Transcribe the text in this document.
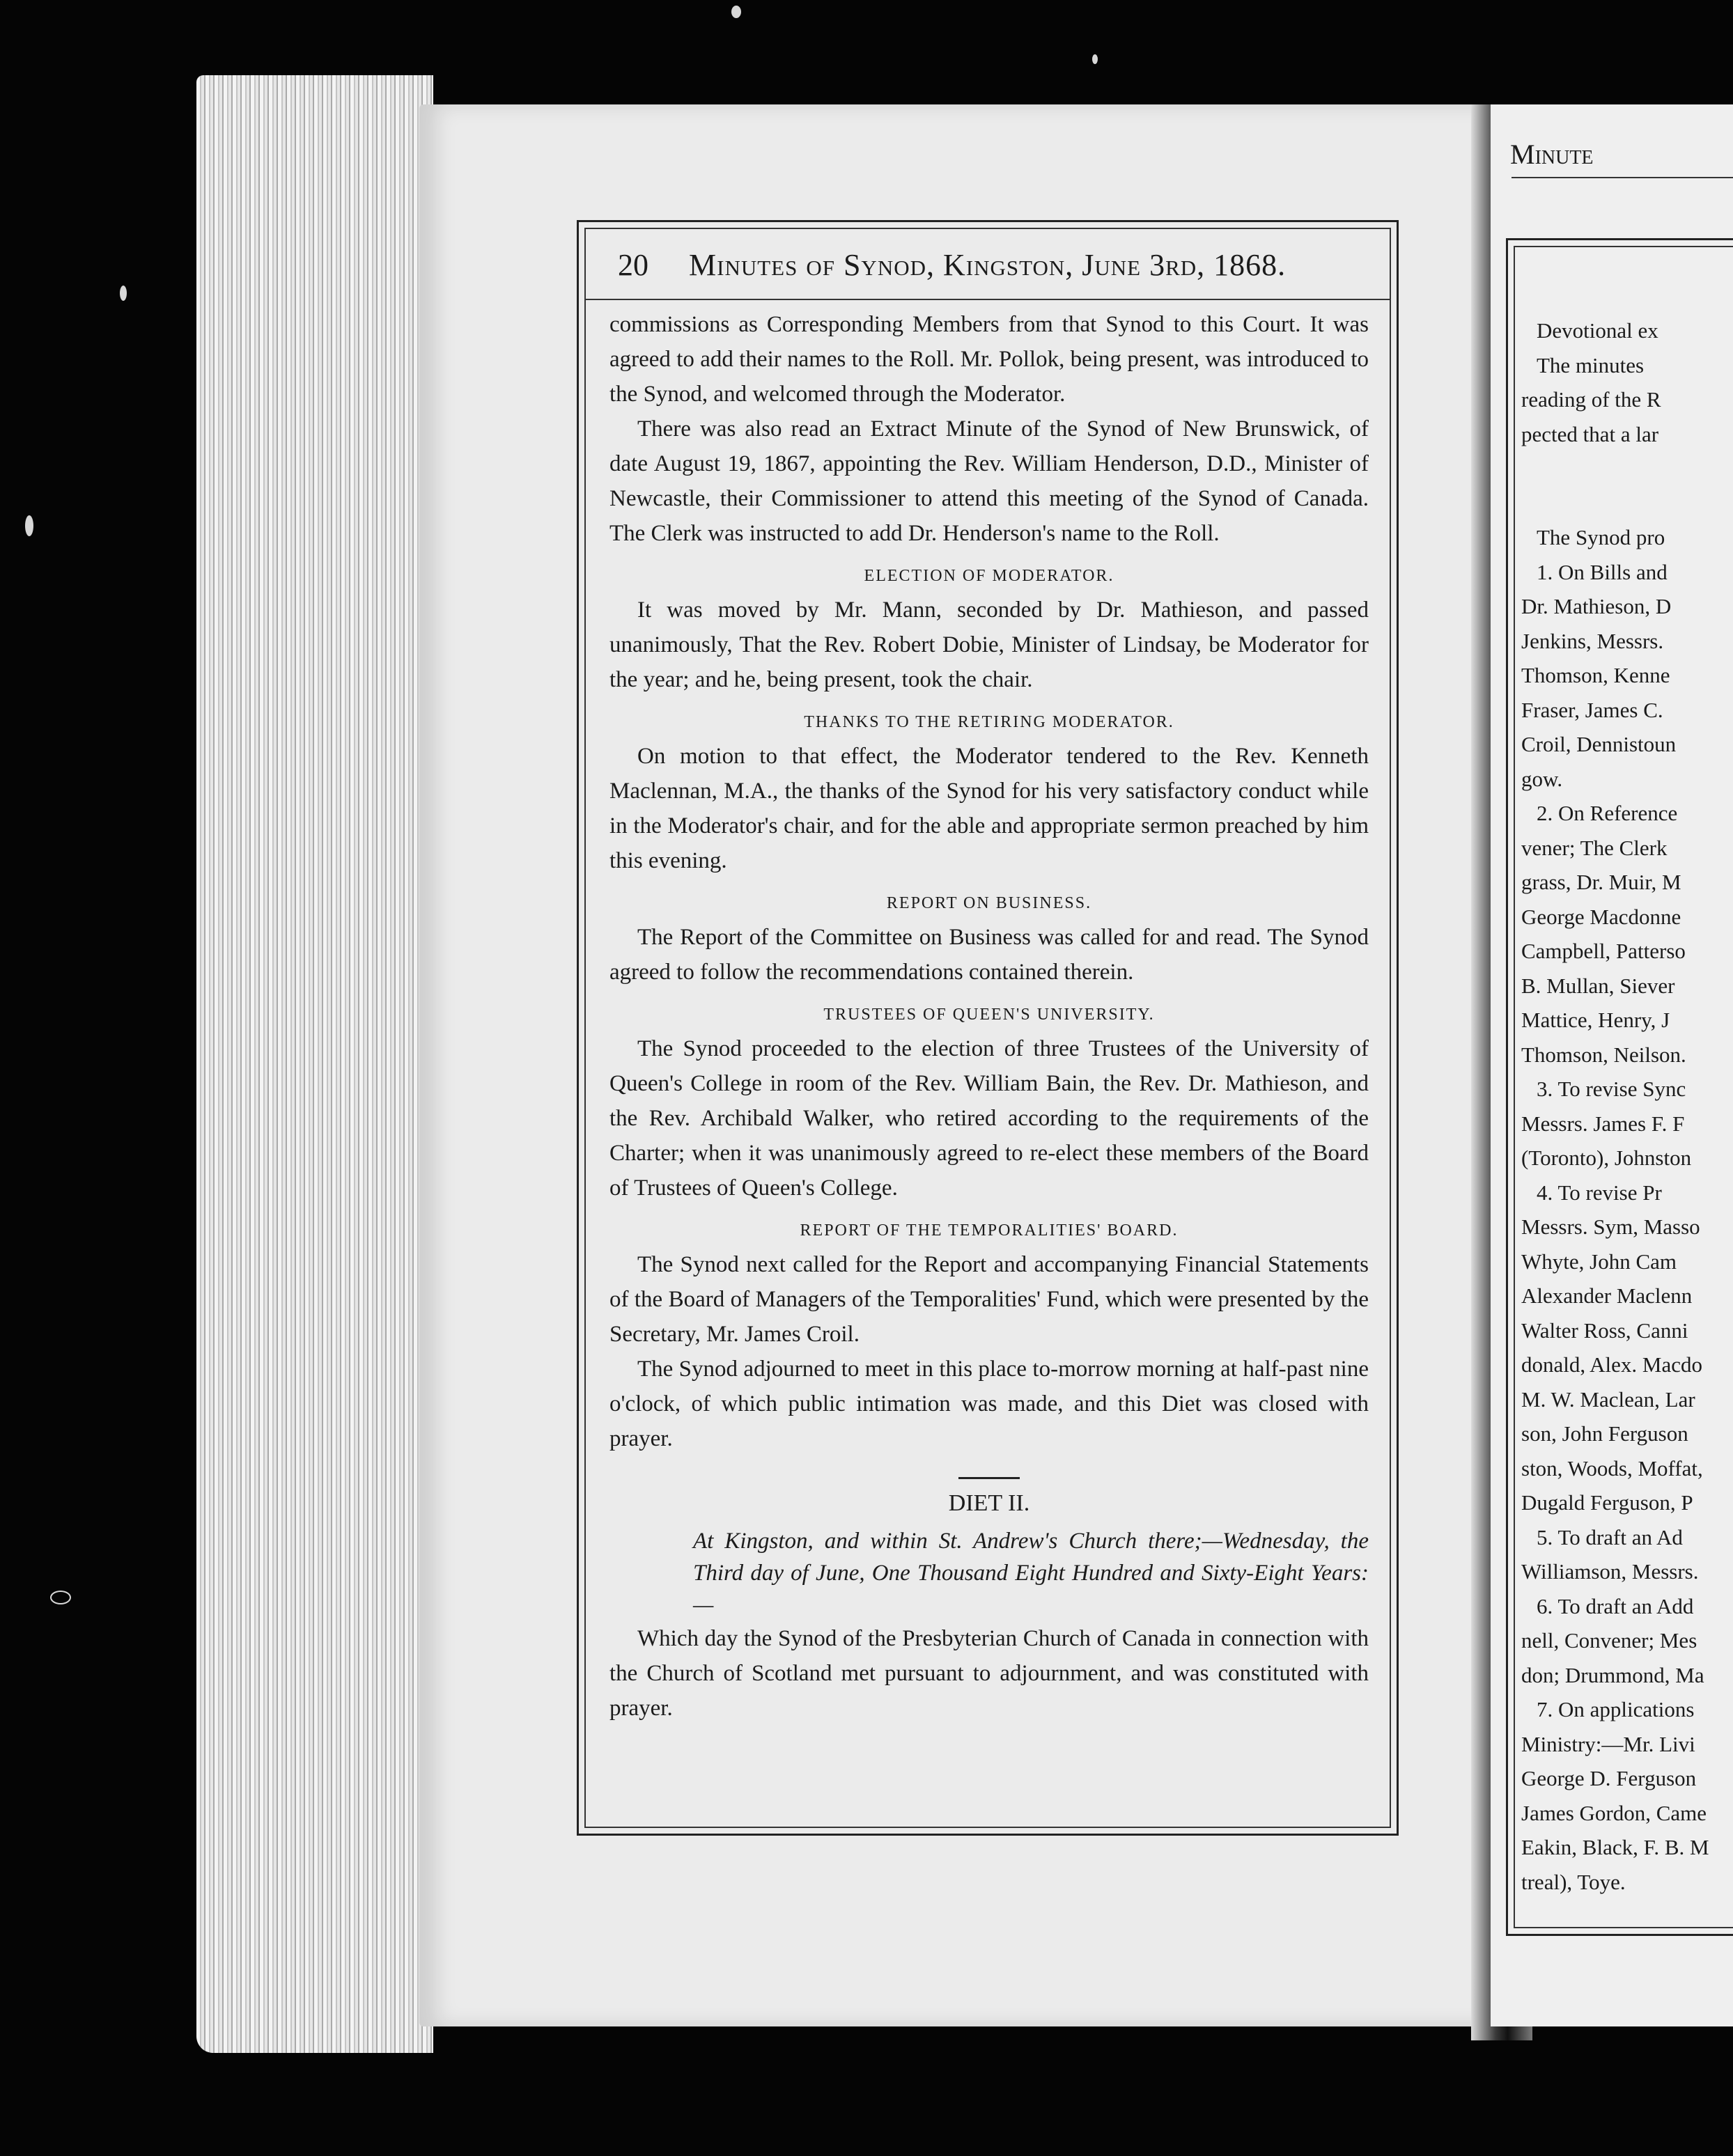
20 Minutes of Synod, Kingston, June 3rd, 1868.

commissions as Corresponding Members from that Synod to this Court. It was agreed to add their names to the Roll. Mr. Pollok, being present, was introduced to the Synod, and welcomed through the Moderator.

There was also read an Extract Minute of the Synod of New Brunswick, of date August 19, 1867, appointing the Rev. William Henderson, D.D., Minister of Newcastle, their Commissioner to attend this meeting of the Synod of Canada. The Clerk was instructed to add Dr. Henderson's name to the Roll.

ELECTION OF MODERATOR.

It was moved by Mr. Mann, seconded by Dr. Mathieson, and passed unanimously, That the Rev. Robert Dobie, Minister of Lindsay, be Moderator for the year; and he, being present, took the chair.

THANKS TO THE RETIRING MODERATOR.

On motion to that effect, the Moderator tendered to the Rev. Kenneth Maclennan, M.A., the thanks of the Synod for his very satisfactory conduct while in the Moderator's chair, and for the able and appropriate sermon preached by him this evening.

REPORT ON BUSINESS.

The Report of the Committee on Business was called for and read. The Synod agreed to follow the recommendations contained therein.

TRUSTEES OF QUEEN'S UNIVERSITY.

The Synod proceeded to the election of three Trustees of the University of Queen's College in room of the Rev. William Bain, the Rev. Dr. Mathieson, and the Rev. Archibald Walker, who retired according to the requirements of the Charter; when it was unanimously agreed to re-elect these members of the Board of Trustees of Queen's College.

REPORT OF THE TEMPORALITIES' BOARD.

The Synod next called for the Report and accompanying Financial Statements of the Board of Managers of the Temporalities' Fund, which were presented by the Secretary, Mr. James Croil.

The Synod adjourned to meet in this place to-morrow morning at half-past nine o'clock, of which public intimation was made, and this Diet was closed with prayer.

DIET II.

At Kingston, and within St. Andrew's Church there;—Wednesday, the Third day of June, One Thousand Eight Hundred and Sixty-Eight Years:—

Which day the Synod of the Presbyterian Church of Canada in connection with the Church of Scotland met pursuant to adjournment, and was constituted with prayer.

Minute
Devotional ex
The minutes
reading of the R
pected that a lar
The Synod pro
1. On Bills and
Dr. Mathieson, D
Jenkins, Messrs.
Thomson, Kenne
Fraser, James C.
Croil, Dennistoun
gow.
2. On Reference
vener; The Clerk
grass, Dr. Muir, M
George Macdonne
Campbell, Patterso
B. Mullan, Siever
Mattice, Henry, J
Thomson, Neilson.
3. To revise Sync
Messrs. James F. F
(Toronto), Johnston
4. To revise Pr
Messrs. Sym, Masso
Whyte, John Cam
Alexander Maclenn
Walter Ross, Canni
donald, Alex. Macdo
M. W. Maclean, Lar
son, John Ferguson
ston, Woods, Moffat,
Dugald Ferguson, P
5. To draft an Ad
Williamson, Messrs.
6. To draft an Add
nell, Convener; Mes
don; Drummond, Ma
7. On applications
Ministry:—Mr. Livi
George D. Ferguson
James Gordon, Came
Eakin, Black, F. B. M
treal), Toye.
